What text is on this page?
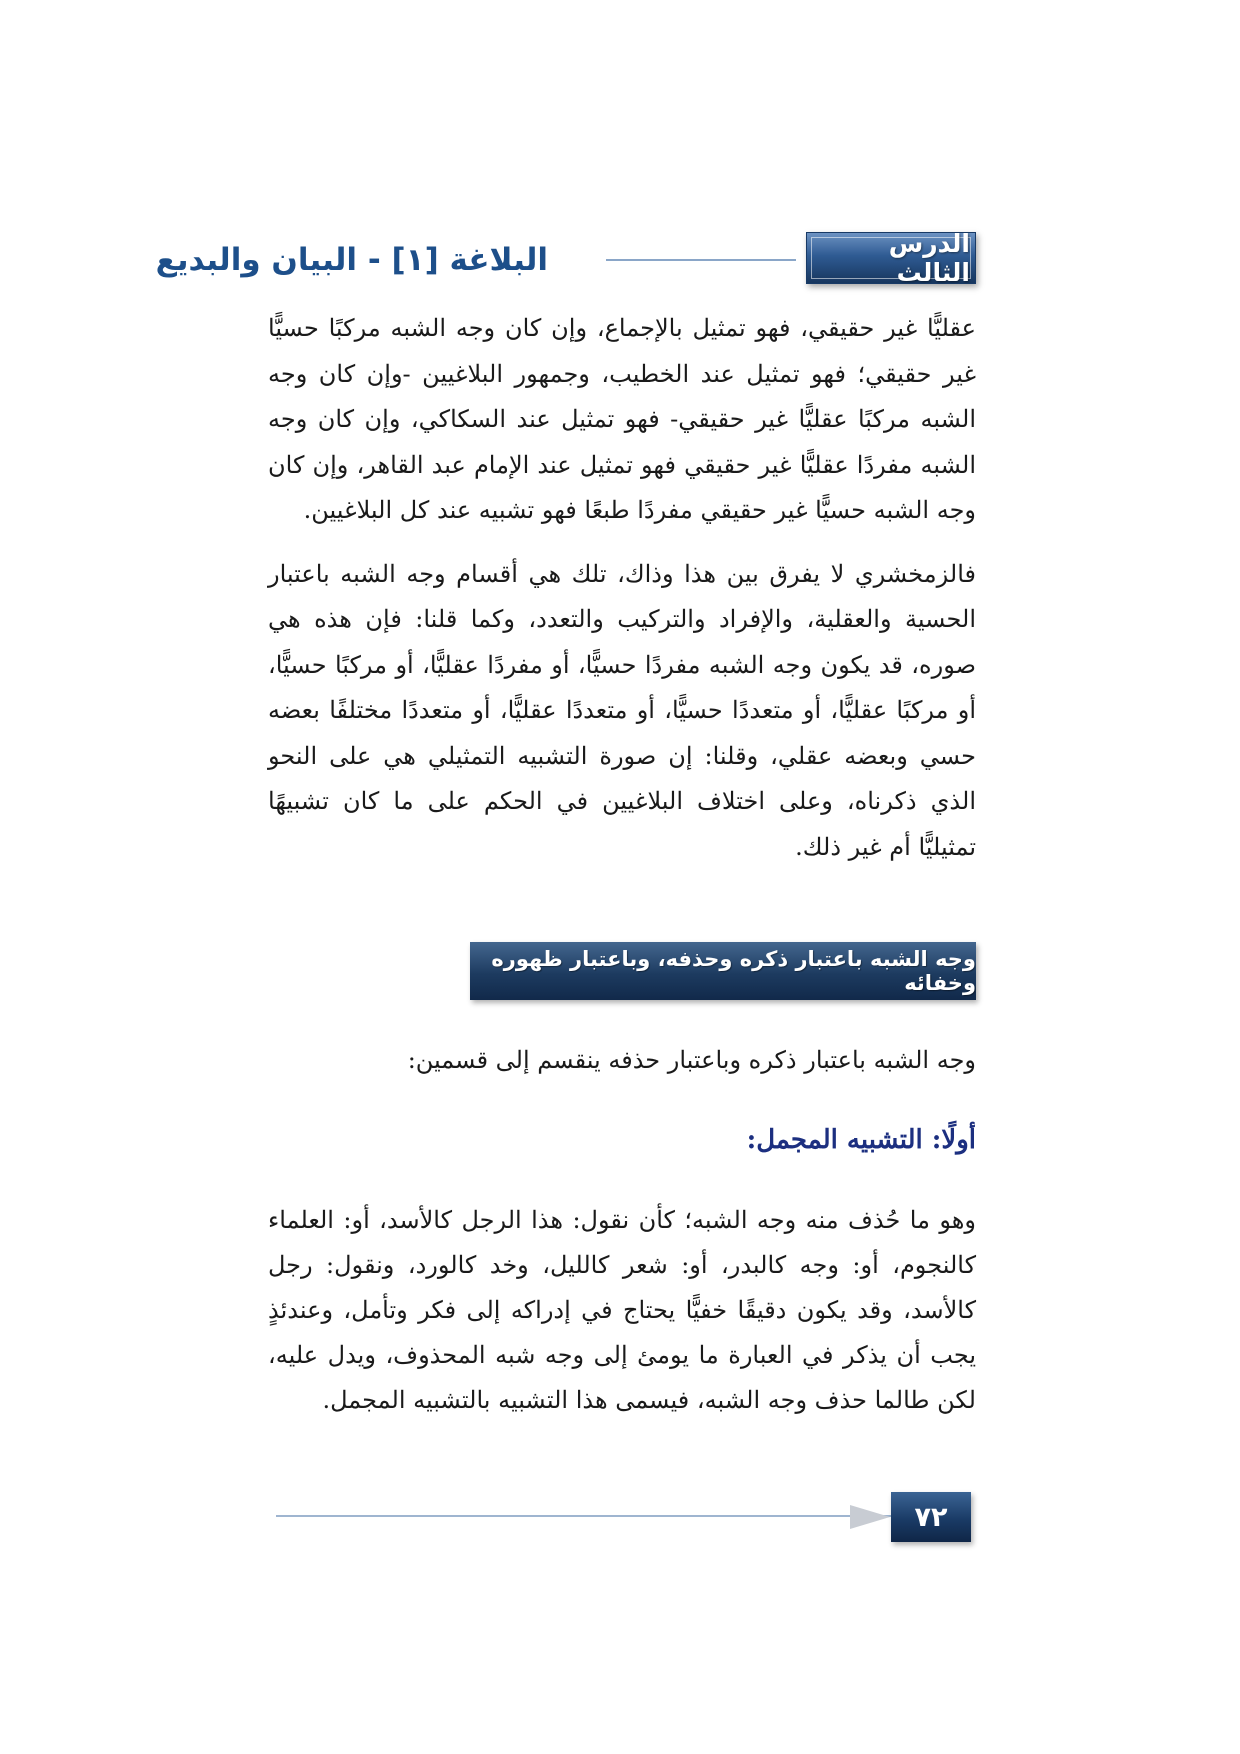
الدرس الثالث
البلاغة [١] - البيان والبديع

عقليًّا غير حقيقي، فهو تمثيل بالإجماع، وإن كان وجه الشبه مركبًا حسيًّا غير حقيقي؛ فهو تمثيل عند الخطيب، وجمهور البلاغيين -وإن كان وجه الشبه مركبًا عقليًّا غير حقيقي- فهو تمثيل عند السكاكي، وإن كان وجه الشبه مفردًا عقليًّا غير حقيقي فهو تمثيل عند الإمام عبد القاهر، وإن كان وجه الشبه حسيًّا غير حقيقي مفردًا طبعًا فهو تشبيه عند كل البلاغيين.

فالزمخشري لا يفرق بين هذا وذاك، تلك هي أقسام وجه الشبه باعتبار الحسية والعقلية، والإفراد والتركيب والتعدد، وكما قلنا: فإن هذه هي صوره، قد يكون وجه الشبه مفردًا حسيًّا، أو مفردًا عقليًّا، أو مركبًا حسيًّا، أو مركبًا عقليًّا، أو متعددًا حسيًّا، أو متعددًا عقليًّا، أو متعددًا مختلفًا بعضه حسي وبعضه عقلي، وقلنا: إن صورة التشبيه التمثيلي هي على النحو الذي ذكرناه، وعلى اختلاف البلاغيين في الحكم على ما كان تشبيهًا تمثيليًّا أم غير ذلك.

وجه الشبه باعتبار ذكره وحذفه، وباعتبار ظهوره وخفائه

وجه الشبه باعتبار ذكره وباعتبار حذفه ينقسم إلى قسمين:

أولًا: التشبيه المجمل:

وهو ما حُذف منه وجه الشبه؛ كأن نقول: هذا الرجل كالأسد، أو: العلماء كالنجوم، أو: وجه كالبدر، أو: شعر كالليل، وخد كالورد، ونقول: رجل كالأسد، وقد يكون دقيقًا خفيًّا يحتاج في إدراكه إلى فكر وتأمل، وعندئذٍ يجب أن يذكر في العبارة ما يومئ إلى وجه شبه المحذوف، ويدل عليه، لكن طالما حذف وجه الشبه، فيسمى هذا التشبيه بالتشبيه المجمل.

٧٢
